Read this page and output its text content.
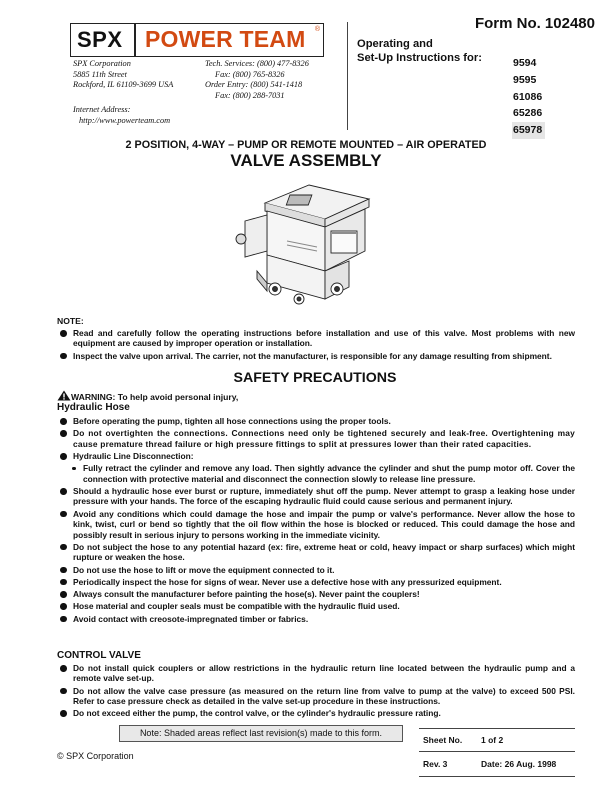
SPX POWER TEAM ®
SPX Corporation
5885 11th Street
Rockford, IL 61109-3699 USA
Tech. Services: (800) 477-8326
Fax: (800) 765-8326
Order Entry: (800) 541-1418
Fax: (800) 288-7031
Internet Address:
http://www.powerteam.com
Form No. 102480
Operating and
Set-Up Instructions for:	9594
9595
61086
65286
65978
2 POSITION, 4-WAY – PUMP OR REMOTE MOUNTED – AIR OPERATED
VALVE ASSEMBLY
NOTE:
Read and carefully follow the operating instructions before installation and use of this valve. Most problems with new equipment are caused by improper operation or installation.
Inspect the valve upon arrival. The carrier, not the manufacturer, is responsible for any damage resulting from shipment.
SAFETY PRECAUTIONS
WARNING: To help avoid personal injury,
Hydraulic Hose
Before operating the pump, tighten all hose connections using the proper tools.
Do not overtighten the connections. Connections need only be tightened securely and leak-free. Overtightening may cause premature thread failure or high pressure fittings to split at pressures lower than their rated capacities.
Hydraulic Line Disconnection:
Fully retract the cylinder and remove any load. Then sightly advance the cylinder and shut the pump motor off. Cover the connection with protective material and disconnect the connection slowly to release line pressure.
Should a hydraulic hose ever burst or rupture, immediately shut off the pump. Never attempt to grasp a leaking hose under pressure with your hands. The force of the escaping hydraulic fluid could cause serious and permanent injury.
Avoid any conditions which could damage the hose and impair the pump or valve's performance. Never allow the hose to kink, twist, curl or bend so tightly that the oil flow within the hose is blocked or reduced. This could damage the hose and possibly result in serious injury to persons working in the immediate vicinity.
Do not subject the hose to any potential hazard (ex: fire, extreme heat or cold, heavy impact or sharp surfaces) which might rupture or weaken the hose.
Do not use the hose to lift or move the equipment connected to it.
Periodically inspect the hose for signs of wear. Never use a defective hose with any pressurized equipment.
Always consult the manufacturer before painting the hose(s). Never paint the couplers!
Hose material and coupler seals must be compatible with the hydraulic fluid used.
Avoid contact with creosote-impregnated timber or fabrics.
CONTROL VALVE
Do not install quick couplers or allow restrictions in the hydraulic return line located between the hydraulic pump and a remote valve set-up.
Do not allow the valve case pressure (as measured on the return line from valve to pump at the valve) to exceed 500 PSI. Refer to case pressure check as detailed in the valve set-up procedure in these instructions.
Do not exceed either the pump, the control valve, or the cylinder's hydraulic pressure rating.
Note: Shaded areas reflect last revision(s) made to this form.
Sheet No. 1 of 2
Rev. 3	Date: 26 Aug. 1998
© SPX Corporation
